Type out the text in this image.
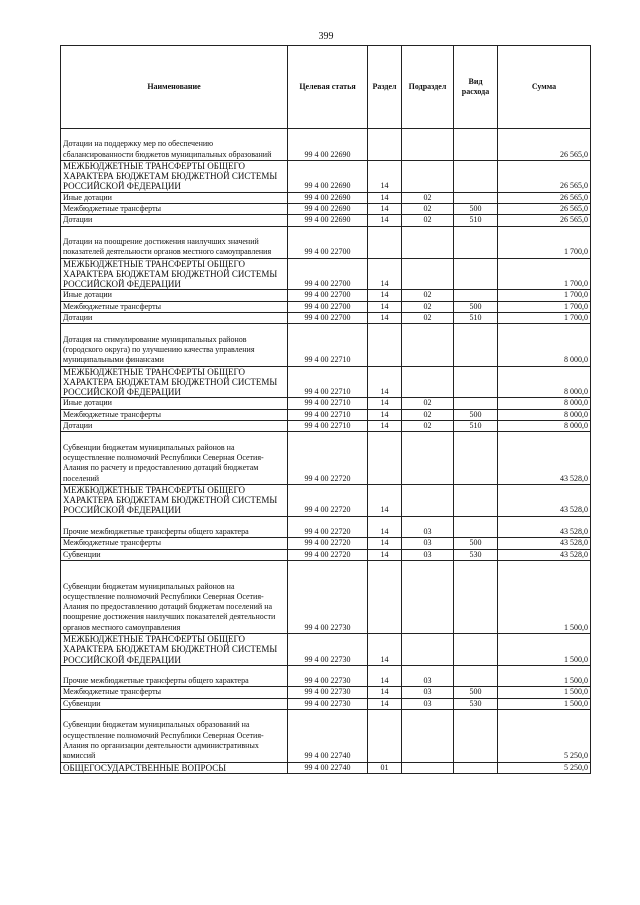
399
Наименование	Целевая статья	Раздел	Подраздел	Вид расхода	Сумма
Дотации на поддержку мер по обеспечению сбалансированности бюджетов муниципальных образований	99 4 00 22690				26 565,0
МЕЖБЮДЖЕТНЫЕ ТРАНСФЕРТЫ ОБЩЕГО ХАРАКТЕРА БЮДЖЕТАМ БЮДЖЕТНОЙ СИСТЕМЫ РОССИЙСКОЙ ФЕДЕРАЦИИ	99 4 00 22690	14			26 565,0
Иные дотации	99 4 00 22690	14	02		26 565,0
Межбюджетные трансферты	99 4 00 22690	14	02	500	26 565,0
Дотации	99 4 00 22690	14	02	510	26 565,0
Дотации на поощрение достижения наилучших значений показателей деятельности органов местного самоуправления	99 4 00 22700				1 700,0
МЕЖБЮДЖЕТНЫЕ ТРАНСФЕРТЫ ОБЩЕГО ХАРАКТЕРА БЮДЖЕТАМ БЮДЖЕТНОЙ СИСТЕМЫ РОССИЙСКОЙ ФЕДЕРАЦИИ	99 4 00 22700	14			1 700,0
Иные дотации	99 4 00 22700	14	02		1 700,0
Межбюджетные трансферты	99 4 00 22700	14	02	500	1 700,0
Дотации	99 4 00 22700	14	02	510	1 700,0
Дотация на стимулирование муниципальных районов (городского округа) по улучшению качества управления муниципальными финансами	99 4 00 22710				8 000,0
МЕЖБЮДЖЕТНЫЕ ТРАНСФЕРТЫ ОБЩЕГО ХАРАКТЕРА БЮДЖЕТАМ БЮДЖЕТНОЙ СИСТЕМЫ РОССИЙСКОЙ ФЕДЕРАЦИИ	99 4 00 22710	14			8 000,0
Иные дотации	99 4 00 22710	14	02		8 000,0
Межбюджетные трансферты	99 4 00 22710	14	02	500	8 000,0
Дотации	99 4 00 22710	14	02	510	8 000,0
Субвенции бюджетам муниципальных районов на осуществление полномочий Республики Северная Осетия-Алания по расчету и предоставлению дотаций бюджетам поселений	99 4 00 22720				43 528,0
МЕЖБЮДЖЕТНЫЕ ТРАНСФЕРТЫ ОБЩЕГО ХАРАКТЕРА БЮДЖЕТАМ БЮДЖЕТНОЙ СИСТЕМЫ РОССИЙСКОЙ ФЕДЕРАЦИИ	99 4 00 22720	14			43 528,0
Прочие межбюджетные трансферты общего характера	99 4 00 22720	14	03		43 528,0
Межбюджетные трансферты	99 4 00 22720	14	03	500	43 528,0
Субвенции	99 4 00 22720	14	03	530	43 528,0
Субвенции бюджетам муниципальных районов на осуществление полномочий Республики Северная Осетия-Алания по предоставлению дотаций бюджетам поселений на поощрение достижения наилучших показателей деятельности органов местного самоуправления	99 4 00 22730				1 500,0
МЕЖБЮДЖЕТНЫЕ ТРАНСФЕРТЫ ОБЩЕГО ХАРАКТЕРА БЮДЖЕТАМ БЮДЖЕТНОЙ СИСТЕМЫ РОССИЙСКОЙ ФЕДЕРАЦИИ	99 4 00 22730	14			1 500,0
Прочие межбюджетные трансферты общего характера	99 4 00 22730	14	03		1 500,0
Межбюджетные трансферты	99 4 00 22730	14	03	500	1 500,0
Субвенции	99 4 00 22730	14	03	530	1 500,0
Субвенции бюджетам муниципальных образований на осуществление полномочий Республики Северная Осетия-Алания по организации деятельности административных комиссий	99 4 00 22740				5 250,0
ОБЩЕГОСУДАРСТВЕННЫЕ ВОПРОСЫ	99 4 00 22740	01			5 250,0
